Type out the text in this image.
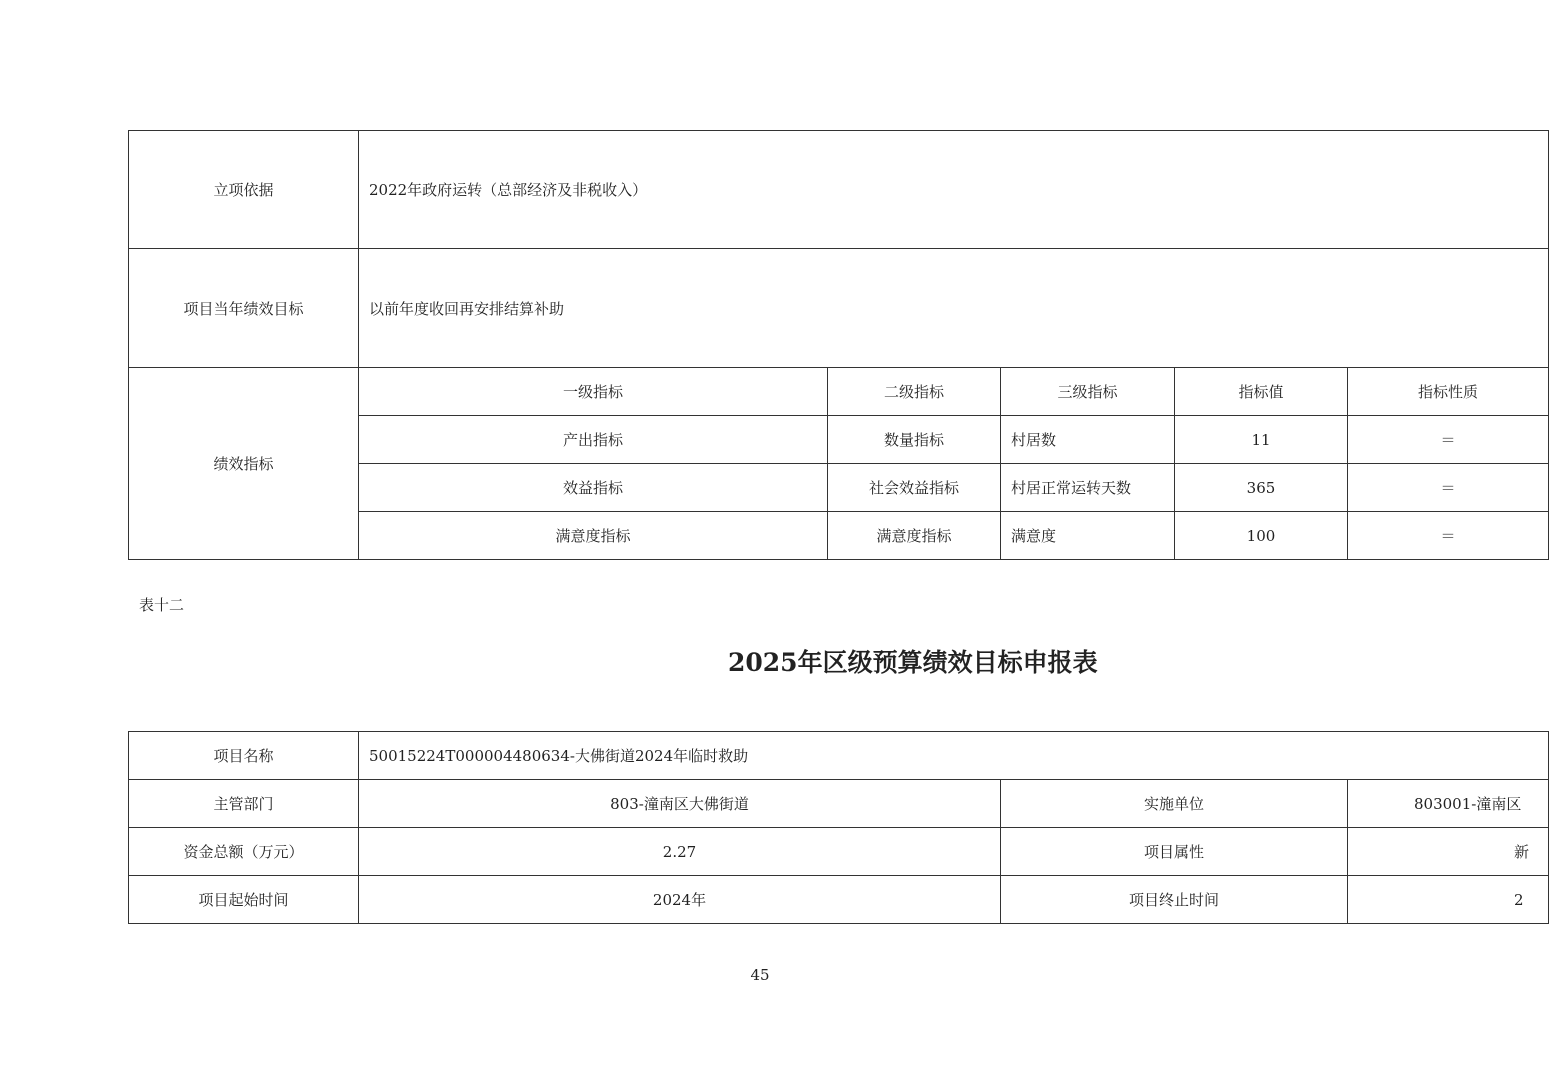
立项依据	2022年政府运转（总部经济及非税收入）				
项目当年绩效目标	以前年度收回再安排结算补助				
绩效指标	一级指标	二级指标	三级指标	指标值	指标性质
	产出指标	数量指标	村居数	11	＝
	效益指标	社会效益指标	村居正常运转天数	365	＝
	满意度指标	满意度指标	满意度	100	＝
表十二
2025年区级预算绩效目标申报表
项目名称	50015224T000004480634-大佛街道2024年临时救助		
主管部门	803-潼南区大佛街道	实施单位	803001-潼南区
资金总额（万元）	2.27	项目属性	新
项目起始时间	2024年	项目终止时间	2
45
